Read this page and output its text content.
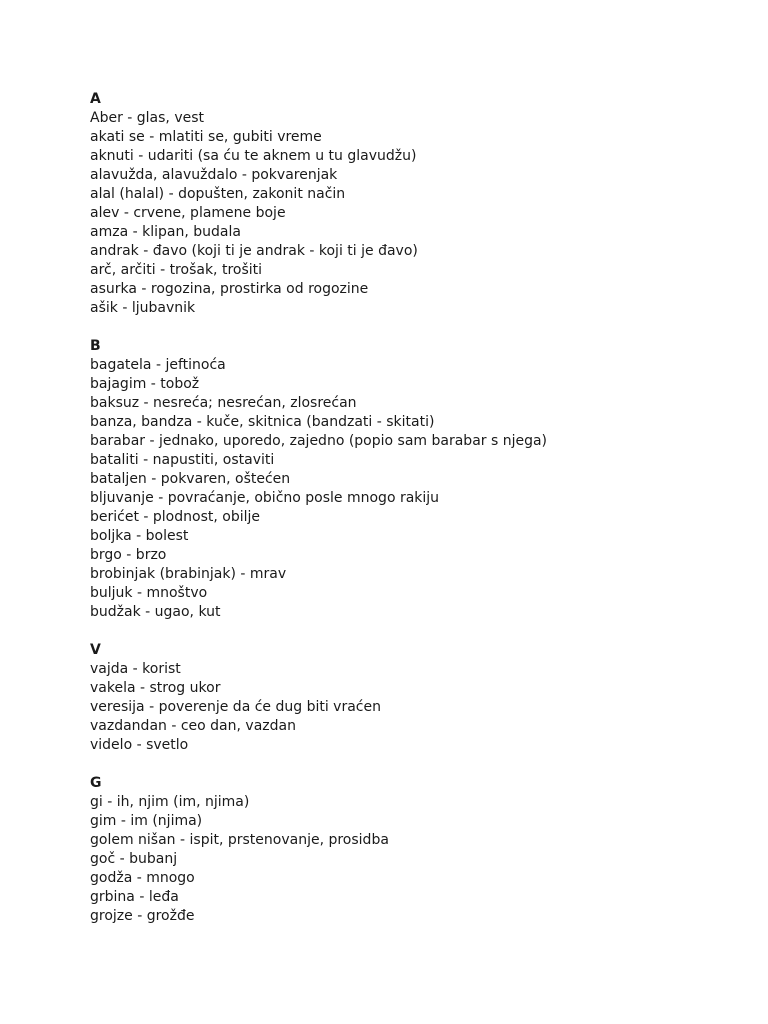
A
Aber - glas, vest
akati se - mlatiti se, gubiti vreme
aknuti - udariti (sa ću te aknem u tu glavudžu)
alavužda, alavuždalo - pokvarenjak
alal (halal) - dopušten, zakonit način
alev - crvene, plamene boje
amza - klipan, budala
andrak - đavo (koji ti je andrak - koji ti je đavo)
arč, arčiti - trošak, trošiti
asurka - rogozina, prostirka od rogozine
ašik - ljubavnik
B
bagatela - jeftinoća
bajagim - tobož
baksuz - nesreća; nesrećan, zlosrećan
banza, bandza - kuče, skitnica (bandzati - skitati)
barabar - jednako, uporedo, zajedno (popio sam barabar s njega)
bataliti - napustiti, ostaviti
bataljen - pokvaren, oštećen
bljuvanje - povraćanje, obično posle mnogo rakiju
berićet - plodnost, obilje
boljka - bolest
brgo - brzo
brobinjak (brabinjak) - mrav
buljuk - mnoštvo
budžak - ugao, kut
V
vajda - korist
vakela - strog ukor
veresija - poverenje da će dug biti vraćen
vazdandan - ceo dan, vazdan
videlo - svetlo
G
gi - ih, njim (im, njima)
gim - im (njima)
golem nišan - ispit, prstenovanje, prosidba
goč - bubanj
godža - mnogo
grbina - leđa
grojze - grožđe
